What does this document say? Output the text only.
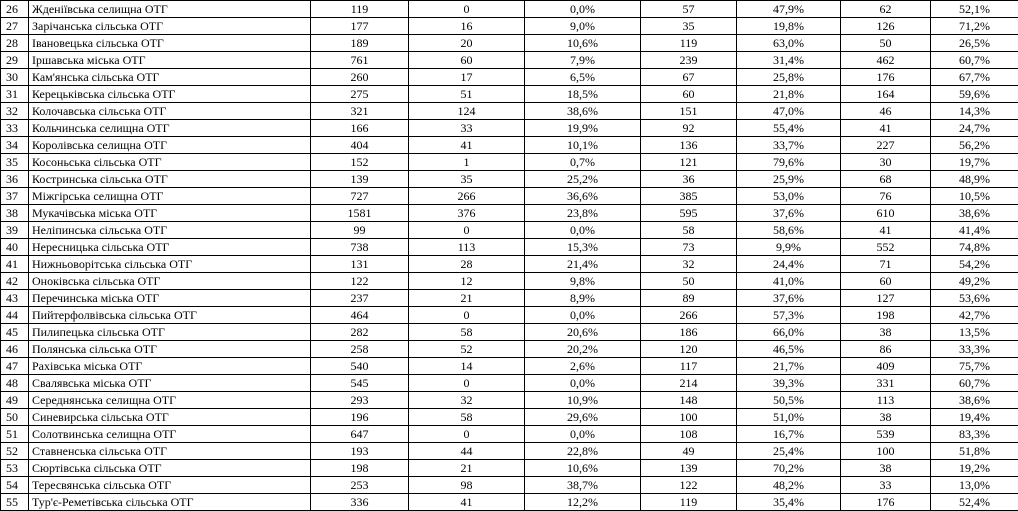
26	Жденіївська селищна ОТГ	119	0	0,0%	57	47,9%	62	52,1%
27	Зарічанська сільська ОТГ	177	16	9,0%	35	19,8%	126	71,2%
28	Івановецька сільська ОТГ	189	20	10,6%	119	63,0%	50	26,5%
29	Іршавська міська ОТГ	761	60	7,9%	239	31,4%	462	60,7%
30	Кам'янська сільська ОТГ	260	17	6,5%	67	25,8%	176	67,7%
31	Керецьківська сільська ОТГ	275	51	18,5%	60	21,8%	164	59,6%
32	Колочавська сільська ОТГ	321	124	38,6%	151	47,0%	46	14,3%
33	Кольчинська селищна ОТГ	166	33	19,9%	92	55,4%	41	24,7%
34	Королівська селищна ОТГ	404	41	10,1%	136	33,7%	227	56,2%
35	Косоньська сільська ОТГ	152	1	0,7%	121	79,6%	30	19,7%
36	Костринська сільська ОТГ	139	35	25,2%	36	25,9%	68	48,9%
37	Міжгірська селищна ОТГ	727	266	36,6%	385	53,0%	76	10,5%
38	Мукачівська міська ОТГ	1581	376	23,8%	595	37,6%	610	38,6%
39	Неліпинська сільська ОТГ	99	0	0,0%	58	58,6%	41	41,4%
40	Нересницька сільська ОТГ	738	113	15,3%	73	9,9%	552	74,8%
41	Нижньоворітська сільська ОТГ	131	28	21,4%	32	24,4%	71	54,2%
42	Оноківська сільська ОТГ	122	12	9,8%	50	41,0%	60	49,2%
43	Перечинська міська ОТГ	237	21	8,9%	89	37,6%	127	53,6%
44	Пийтерфолвівська сільська ОТГ	464	0	0,0%	266	57,3%	198	42,7%
45	Пилипецька сільська ОТГ	282	58	20,6%	186	66,0%	38	13,5%
46	Полянська сільська ОТГ	258	52	20,2%	120	46,5%	86	33,3%
47	Рахівська міська ОТГ	540	14	2,6%	117	21,7%	409	75,7%
48	Свалявська міська ОТГ	545	0	0,0%	214	39,3%	331	60,7%
49	Середнянська селищна ОТГ	293	32	10,9%	148	50,5%	113	38,6%
50	Синевирська сільська ОТГ	196	58	29,6%	100	51,0%	38	19,4%
51	Солотвинська селищна ОТГ	647	0	0,0%	108	16,7%	539	83,3%
52	Ставненська сільська ОТГ	193	44	22,8%	49	25,4%	100	51,8%
53	Сюртівська сільська ОТГ	198	21	10,6%	139	70,2%	38	19,2%
54	Тересвянська сільська ОТГ	253	98	38,7%	122	48,2%	33	13,0%
55	Тур'є-Реметівська сільська ОТГ	336	41	12,2%	119	35,4%	176	52,4%
